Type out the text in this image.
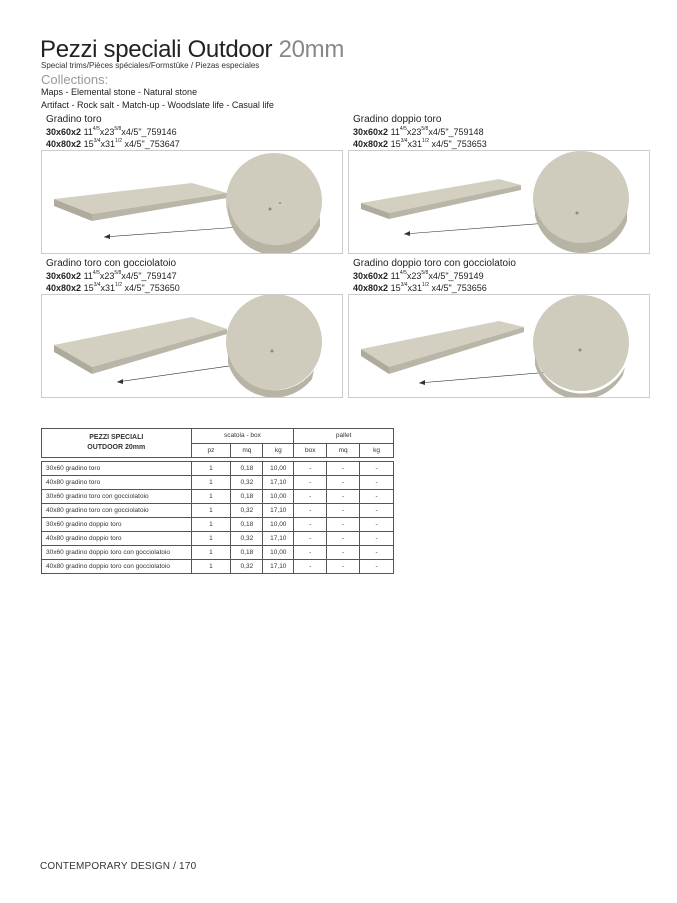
Pezzi speciali Outdoor 20mm
Special trims/Pièces spéciales/Formstüke / Piezas especiales
Collections:
Maps - Elemental stone - Natural stone
Artifact - Rock salt - Match-up - Woodslate life - Casual life
Gradino toro
30x60x2 $11^{4/5}x23^{5/8}x4/5"\_759146$
40x80x2 $15^{3/4}x31^{1/2}$ x4/5"_753647
Gradino doppio toro
30x60x2 $11^{4/5}x23^{5/8}x4/5"\_759148$
40x80x2 $15^{3/4}x31^{1/2}$ x4/5"_753653
Gradino toro con gocciolatoio
30x60x2 $11^{4/5}x23^{5/8}x4/5"\_759147$
40x80x2 $15^{3/4}x31^{1/2}$ x4/5"_753650
Gradino doppio toro con gocciolatoio
30x60x2 $11^{4/5}x23^{5/8}x4/5"\_759149$
40x80x2 $15^{3/4}x31^{1/2}$ x4/5"_753656
PEZZI SPECIALI
OUTDOOR 20mm	scatola - box			pallet		
	pz	mq	kg	box	mq	kg

30x60 gradino toro	1	0,18	10,00	-	-	-
40x80 gradino toro	1	0,32	17,10	-	-	-
30x60 gradino toro con gocciolatoio	1	0,18	10,00	-	-	-
40x80 gradino toro con gocciolatoio	1	0,32	17,10	-	-	-
30x60 gradino doppio toro	1	0,18	10,00	-	-	-
40x80 gradino doppio toro	1	0,32	17,10	-	-	-
30x60 gradino doppio toro con gocciolatoio	1	0,18	10,00	-	-	-
40x80 gradino doppio toro con gocciolatoio	1	0,32	17,10	-	-	-
CONTEMPORARY DESIGN / 170
